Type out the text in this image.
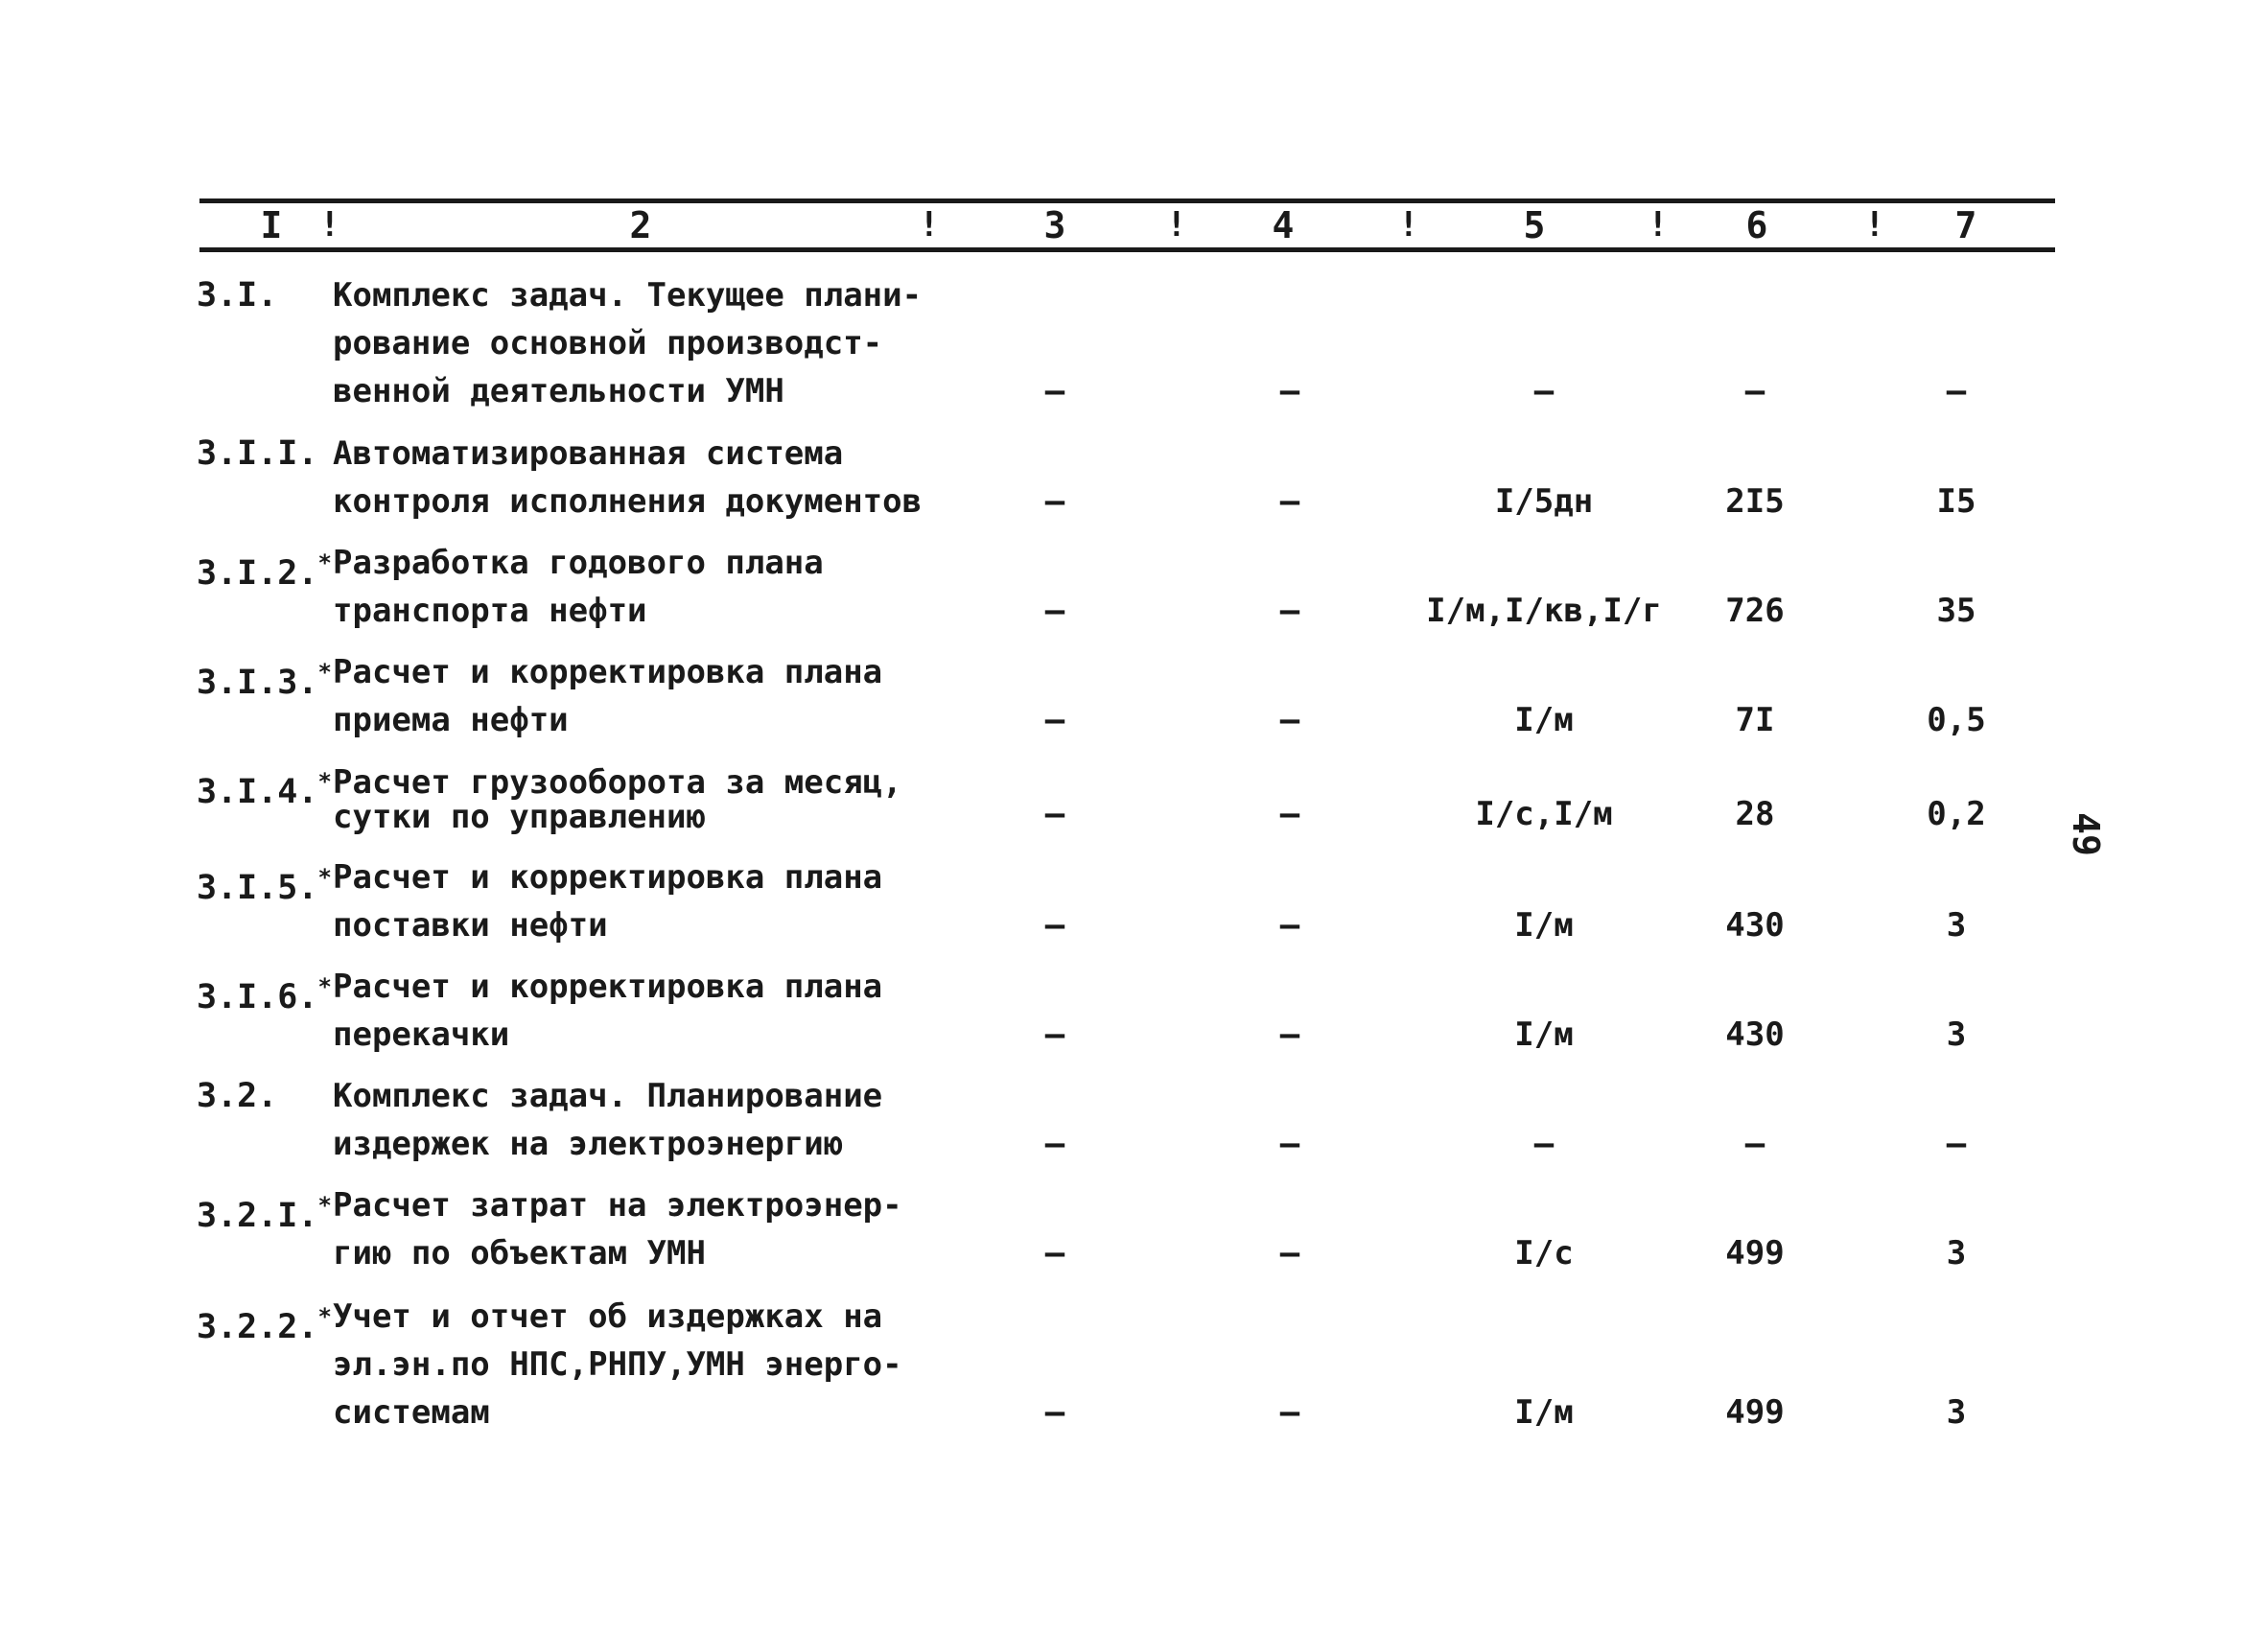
I !	2	!	3	!	4	!	5	!	6	!	7
3.I. Комплекс задач. Текущее плани-
рование основной производст-
венной деятельности УМН	–	–	–	–	–
3.I.I. Автоматизированная система
контроля исполнения документов	–	–	I/5дн	2I5	I5
3.I.2.* Разработка годового плана
транспорта нефти	–	–	I/м,I/кв,I/г	726	35
3.I.3.* Расчет и корректировка плана
приема нефти	–	–	I/м	7I	0,5
3.I.4.* Расчет грузооборота за месяц,
сутки по управлению	–	–	I/с,I/м	28	0,2
3.I.5.* Расчет и корректировка плана
поставки нефти	–	–	I/м	430	3
3.I.6.* Расчет и корректировка плана
перекачки	–	–	I/м	430	3
3.2. Комплекс задач. Планирование
издержек на электроэнергию	–	–	–	–	–
3.2.I.* Расчет затрат на электроэнер-
гию по объектам УМН	–	–	I/с	499	3
3.2.2.* Учет и отчет об издержках на
эл.эн.по НПС,РНПУ,УМН энерго-
системам	–	–	I/м	499	3
49
